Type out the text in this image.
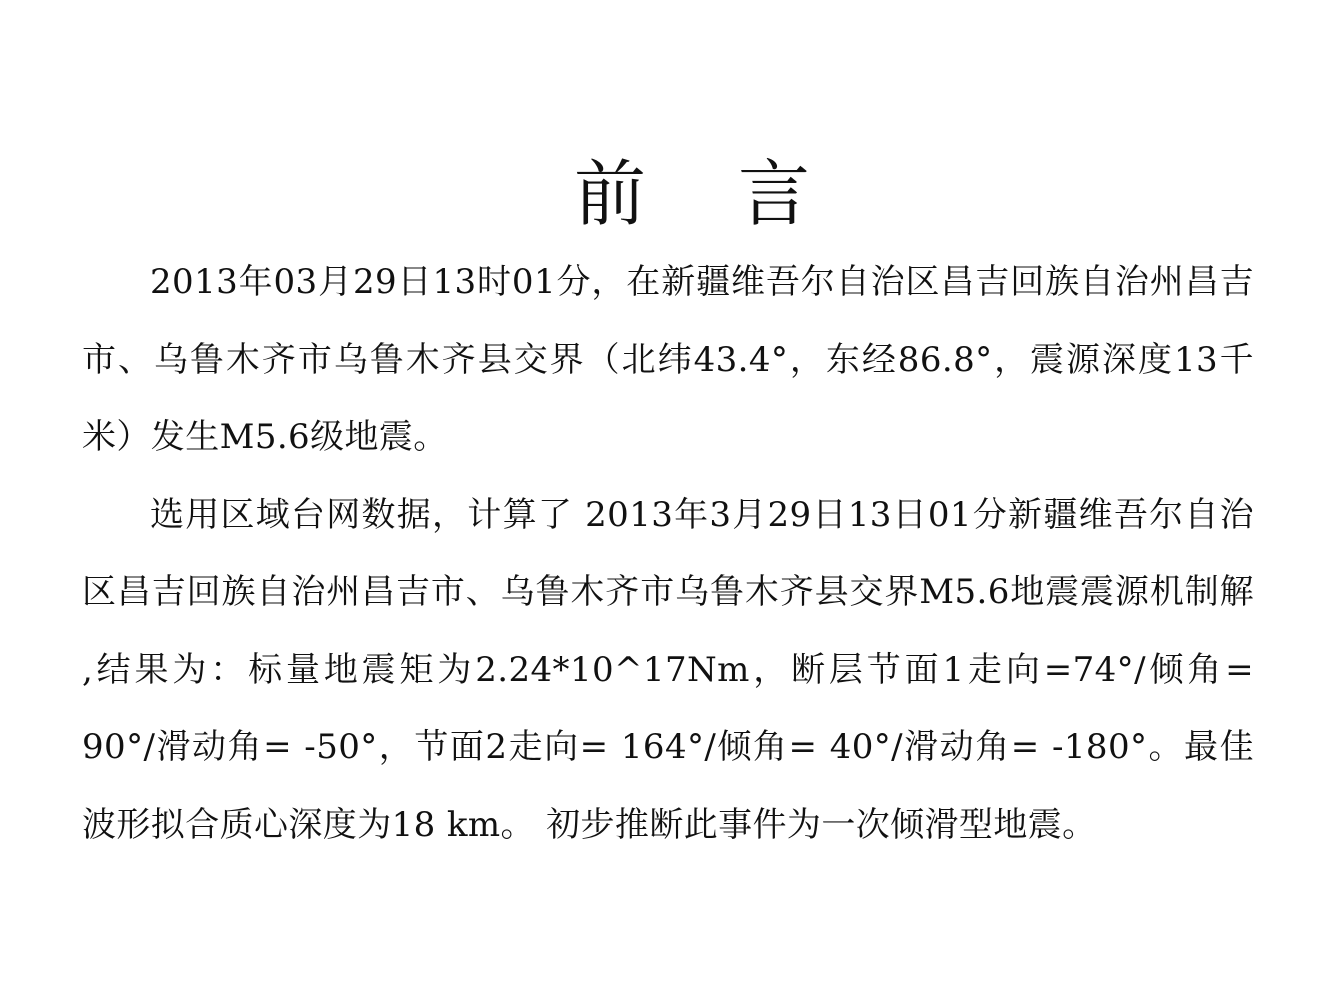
前 言

2013年03月29日13时01分，在新疆维吾尔自治区昌吉回族自治州昌吉市、乌鲁木齐市乌鲁木齐县交界（北纬43.4°，东经86.8°，震源深度13千米）发生M5.6级地震。

选用区域台网数据，计算了 2013年3月29日13日01分新疆维吾尔自治区昌吉回族自治州昌吉市、乌鲁木齐市乌鲁木齐县交界M5.6地震震源机制解 ,结果为：标量地震矩为2.24*10^17Nm，断层节面1走向=74°/倾角= 90°/滑动角= -50°，节面2走向= 164°/倾角= 40°/滑动角= -180°。最佳波形拟合质心深度为18 km。 初步推断此事件为一次倾滑型地震。
